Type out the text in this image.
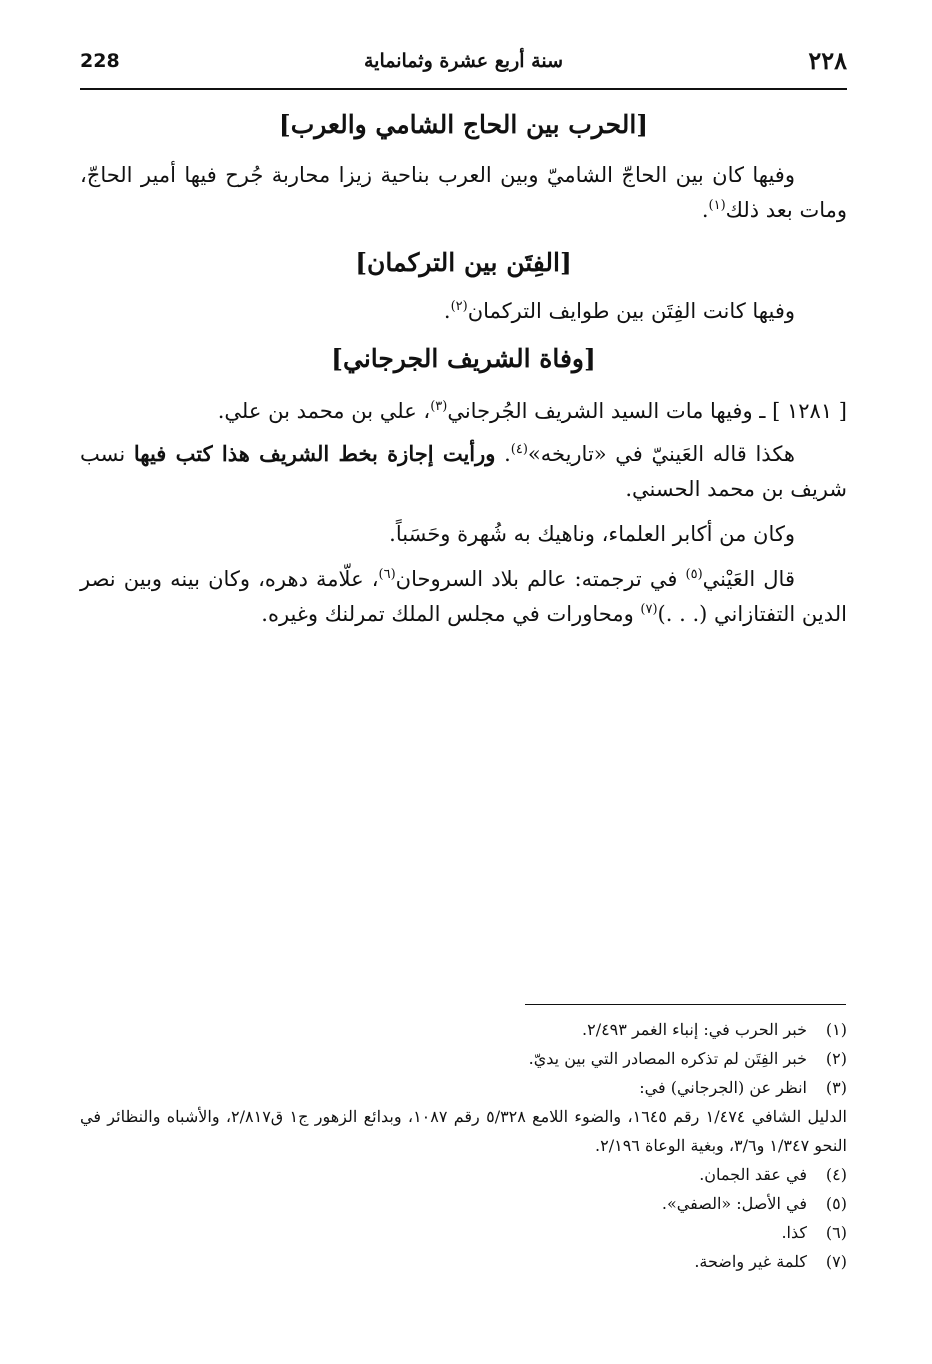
228	سنة أربع عشرة وثمانماية	٢٢٨
[الحرب بين الحاج الشامي والعرب]
وفيها كان بين الحاجّ الشاميّ وبين العرب بناحية زيزا محاربة جُرح فيها أمير الحاجّ، ومات بعد ذلك$^{(١)}$.
[الفِتَن بين التركمان]
وفيها كانت الفِتَن بين طوايف التركمان$^{(٢)}$.
[وفاة الشريف الجرجاني]
[ ١٢٨١ ] ـ وفيها مات السيد الشريف الجُرجاني$^{(٣)}$، علي بن محمد بن علي.
هكذا قاله العَينيّ في «تاريخه»$^{(٤)}$. ورأيت إجازة بخط الشريف هذا كتب فيها نسب شريف بن محمد الحسني.
وكان من أكابر العلماء، وناهيك به شُهرة وحَسَباً.
قال العَيْني$^{(٥)}$ في ترجمته: عالم بلاد السروحان$^{(٦)}$، علّامة دهره، وكان بينه وبين نصر الدين التفتازاني (. . .)$^{(٧)}$ ومحاورات في مجلس الملك تمرلنك وغيره.
(١)
خبر الحرب في: إنباء الغمر ٢/٤٩٣.
(٢)
خبر الفِتَن لم تذكره المصادر التي بين يديّ.
(٣)
انظر عن (الجرجاني) في:
الدليل الشافي ١/٤٧٤ رقم ١٦٤٥، والضوء اللامع ٥/٣٢٨ رقم ١٠٨٧، وبدائع الزهور ج١ ق٢/٨١٧، والأشباه والنظائر في النحو ١/٣٤٧ و٣/٦، وبغية الوعاة ٢/١٩٦.
(٤)
في عقد الجمان.
(٥)
في الأصل: «الصفي».
(٦)
كذا.
(٧)
كلمة غير واضحة.
